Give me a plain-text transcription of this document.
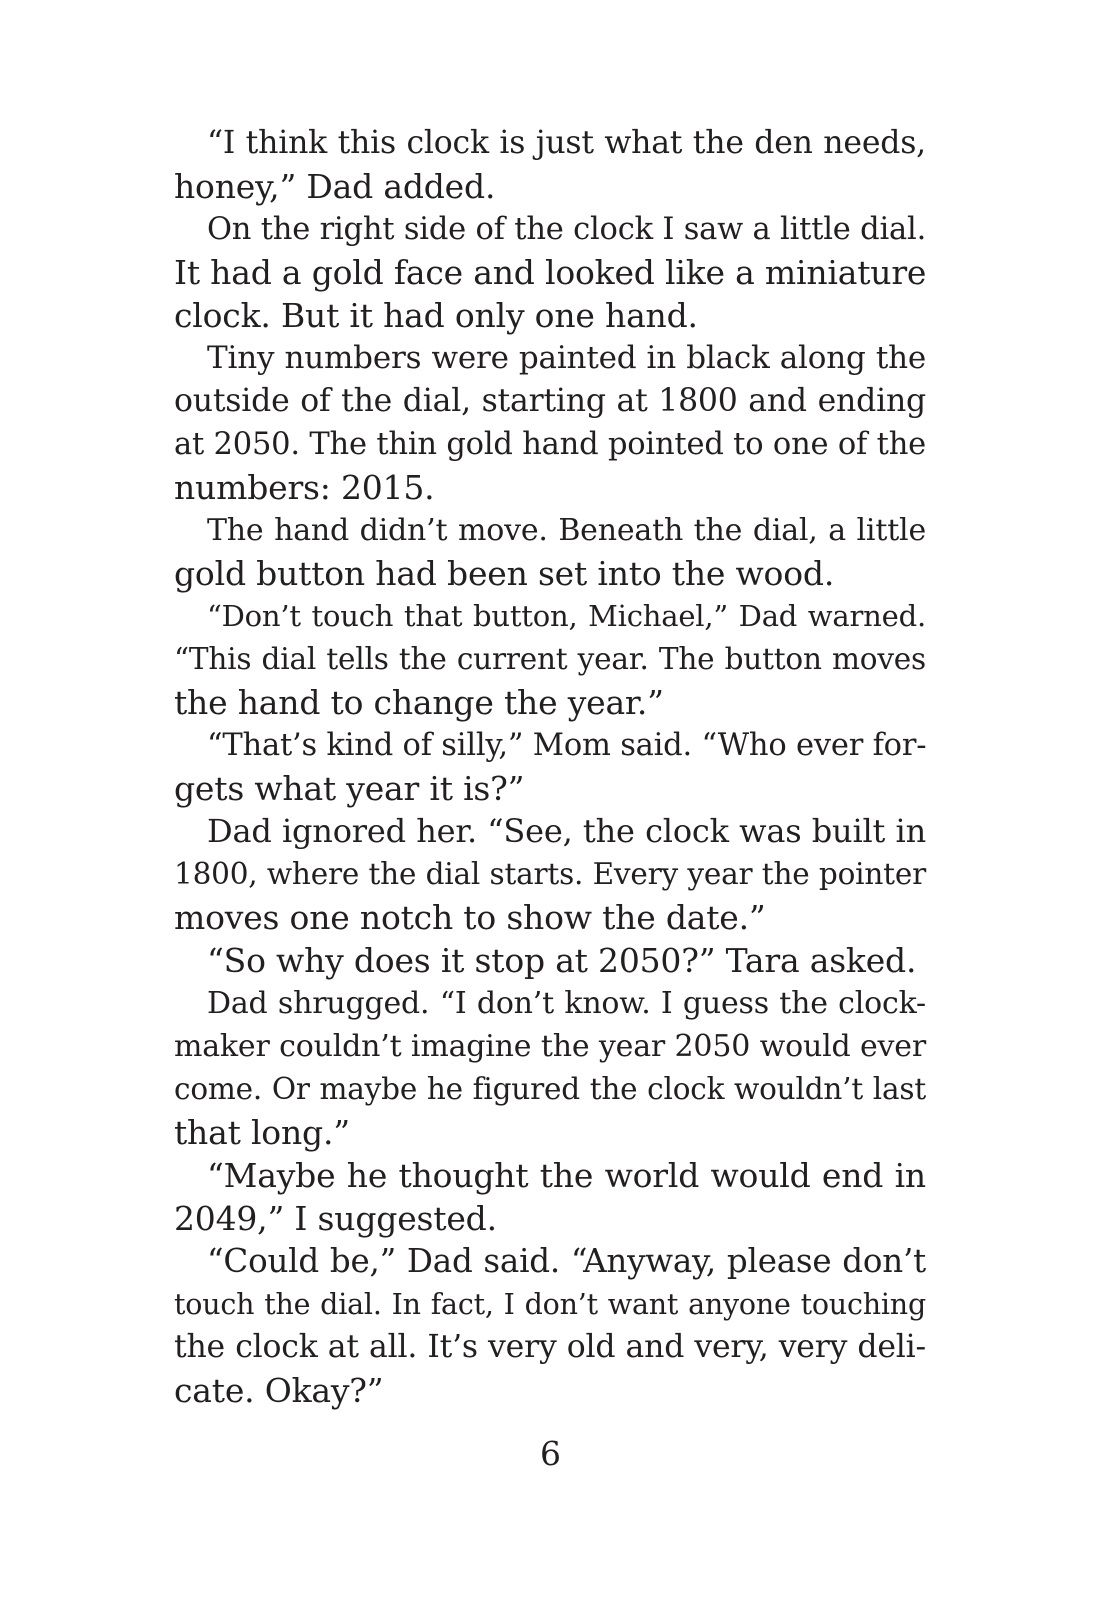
“I think this clock is just what the den needs,
honey,” Dad added.
On the right side of the clock I saw a little dial.
It had a gold face and looked like a miniature
clock. But it had only one hand.
Tiny numbers were painted in black along the
outside of the dial, starting at 1800 and ending
at 2050. The thin gold hand pointed to one of the
numbers: 2015.
The hand didn’t move. Beneath the dial, a little
gold button had been set into the wood.
“Don’t touch that button, Michael,” Dad warned.
“This dial tells the current year. The button moves
the hand to change the year.”
“That’s kind of silly,” Mom said. “Who ever for-
gets what year it is?”
Dad ignored her. “See, the clock was built in
1800, where the dial starts. Every year the pointer
moves one notch to show the date.”
“So why does it stop at 2050?” Tara asked.
Dad shrugged. “I don’t know. I guess the clock-
maker couldn’t imagine the year 2050 would ever
come. Or maybe he figured the clock wouldn’t last
that long.”
“Maybe he thought the world would end in
2049,” I suggested.
“Could be,” Dad said. “Anyway, please don’t
touch the dial. In fact, I don’t want anyone touching
the clock at all. It’s very old and very, very deli-
cate. Okay?”
6
